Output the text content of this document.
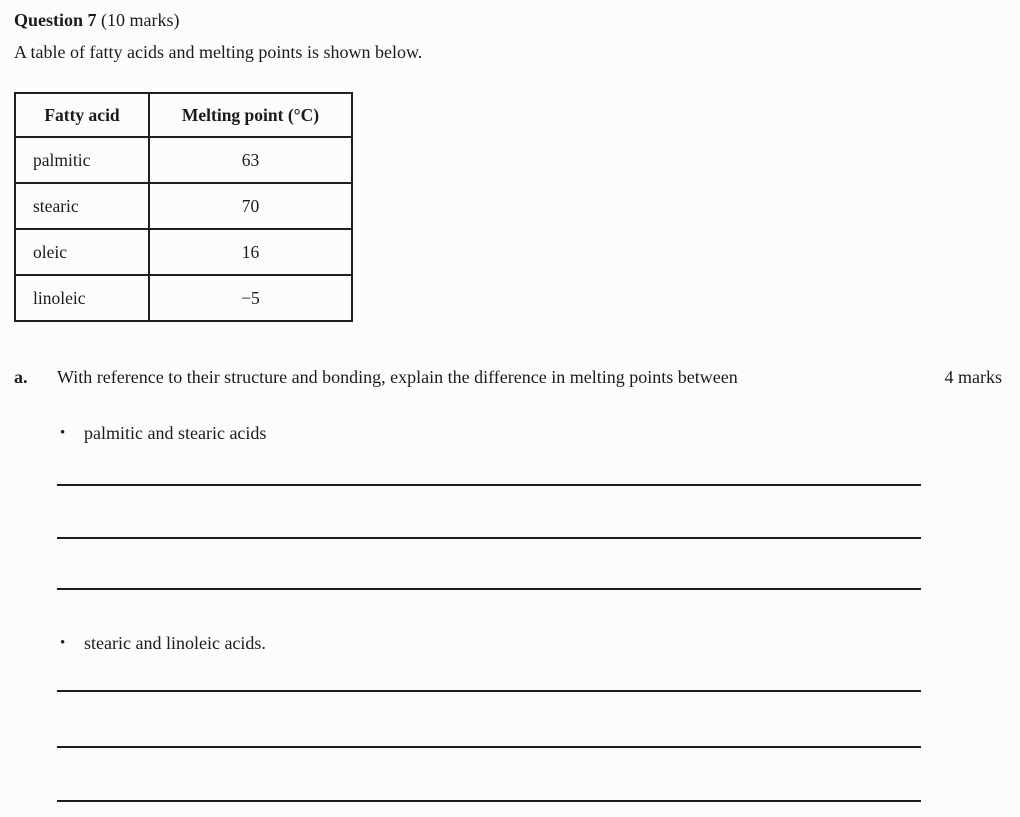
Question 7 (10 marks)
A table of fatty acids and melting points is shown below.
Fatty acid	Melting point (°C)
palmitic	63
stearic	70
oleic	16
linoleic	−5
a.	With reference to their structure and bonding, explain the difference in melting points between	4 marks
•	palmitic and stearic acids
•	stearic and linoleic acids.
